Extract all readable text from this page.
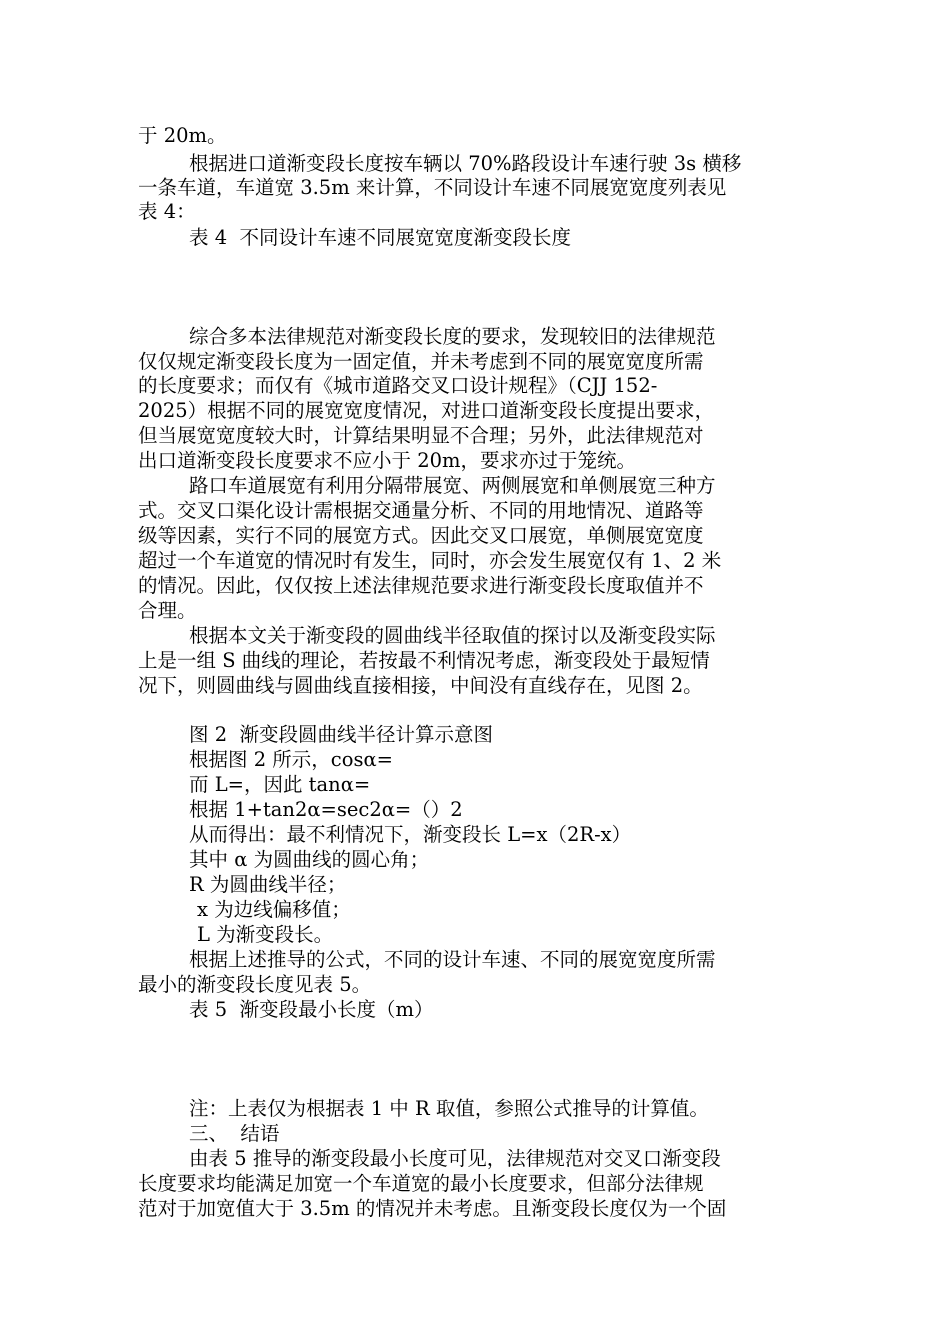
于 20m。
根据进口道渐变段长度按车辆以 70%路段设计车速行驶 3s 横移
一条车道，车道宽 3.5m 来计算，不同设计车速不同展宽宽度列表见
表 4：
表 4  不同设计车速不同展宽宽度渐变段长度
综合多本法律规范对渐变段长度的要求，发现较旧的法律规范
仅仅规定渐变段长度为一固定值，并未考虑到不同的展宽宽度所需
的长度要求；而仅有《城市道路交叉口设计规程》（CJJ 152-
2025）根据不同的展宽宽度情况，对进口道渐变段长度提出要求，
但当展宽宽度较大时，计算结果明显不合理；另外，此法律规范对
出口道渐变段长度要求不应小于 20m，要求亦过于笼统。
路口车道展宽有利用分隔带展宽、两侧展宽和单侧展宽三种方
式。交叉口渠化设计需根据交通量分析、不同的用地情况、道路等
级等因素，实行不同的展宽方式。因此交叉口展宽，单侧展宽宽度
超过一个车道宽的情况时有发生，同时，亦会发生展宽仅有 1、2 米
的情况。因此，仅仅按上述法律规范要求进行渐变段长度取值并不
合理。
根据本文关于渐变段的圆曲线半径取值的探讨以及渐变段实际
上是一组 S 曲线的理论，若按最不利情况考虑，渐变段处于最短情
况下，则圆曲线与圆曲线直接相接，中间没有直线存在，见图 2。
图 2  渐变段圆曲线半径计算示意图
根据图 2 所示，cosα=
而 L=，因此 tanα=
根据 1+tan2α=sec2α=（）2
从而得出：最不利情况下，渐变段长 L=x（2R-x）
其中 α 为圆曲线的圆心角；
R 为圆曲线半径；
x 为边线偏移值；
L 为渐变段长。
根据上述推导的公式，不同的设计车速、不同的展宽宽度所需
最小的渐变段长度见表 5。
表 5  渐变段最小长度（m）
注：上表仅为根据表 1 中 R 取值，参照公式推导的计算值。
三、  结语
由表 5 推导的渐变段最小长度可见，法律规范对交叉口渐变段
长度要求均能满足加宽一个车道宽的最小长度要求，但部分法律规
范对于加宽值大于 3.5m 的情况并未考虑。且渐变段长度仅为一个固
